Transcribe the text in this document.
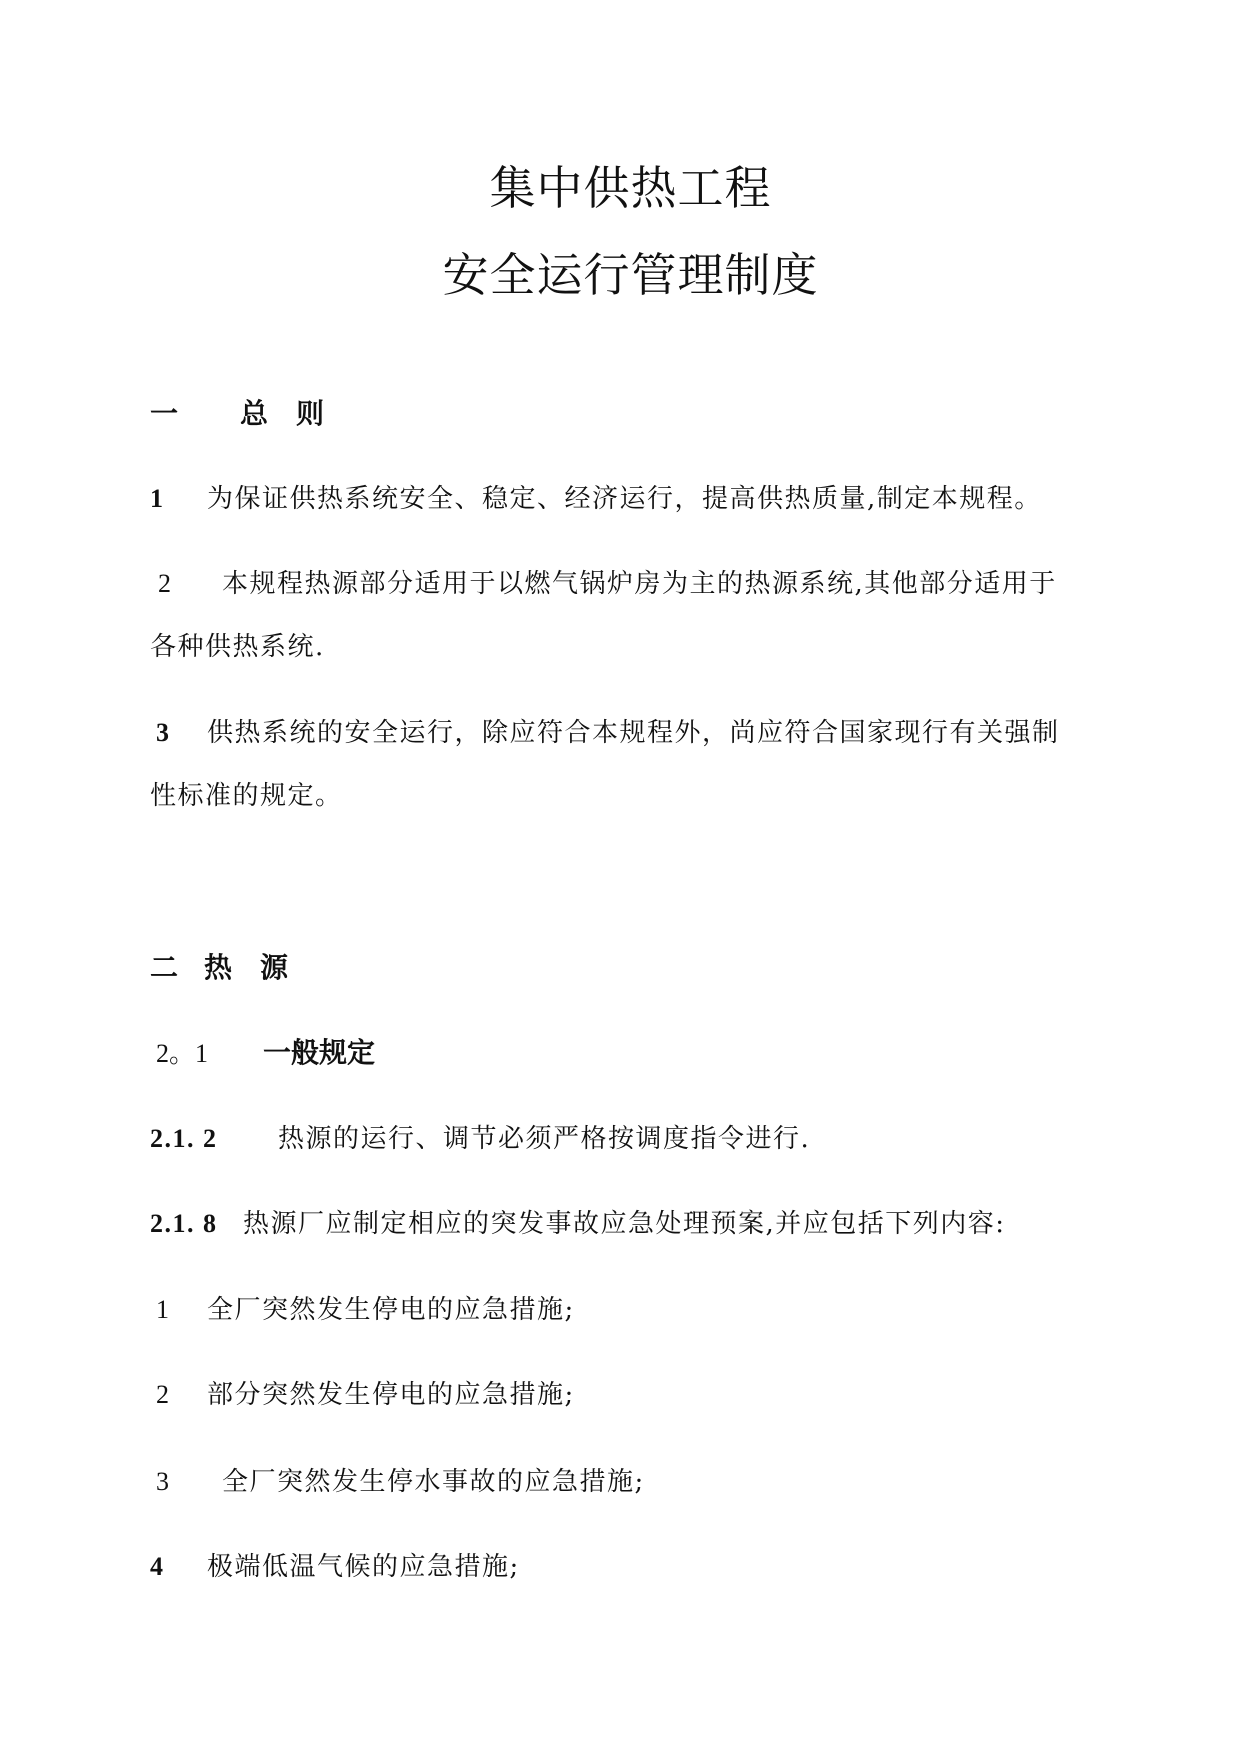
集中供热工程
安全运行管理制度

一 总　则

1 为保证供热系统安全、稳定、经济运行，提高供热质量,制定本规程。

2 本规程热源部分适用于以燃气锅炉房为主的热源系统,其他部分适用于

各种供热系统.

3 供热系统的安全运行，除应符合本规程外，尚应符合国家现行有关强制

性标准的规定。

二 热　源

2。1 一般规定

2.1. 2 热源的运行、调节必须严格按调度指令进行.

2.1. 8 热源厂应制定相应的突发事故应急处理预案,并应包括下列内容:

1 全厂突然发生停电的应急措施;

2 部分突然发生停电的应急措施;

3 全厂突然发生停水事故的应急措施;

4 极端低温气候的应急措施;
